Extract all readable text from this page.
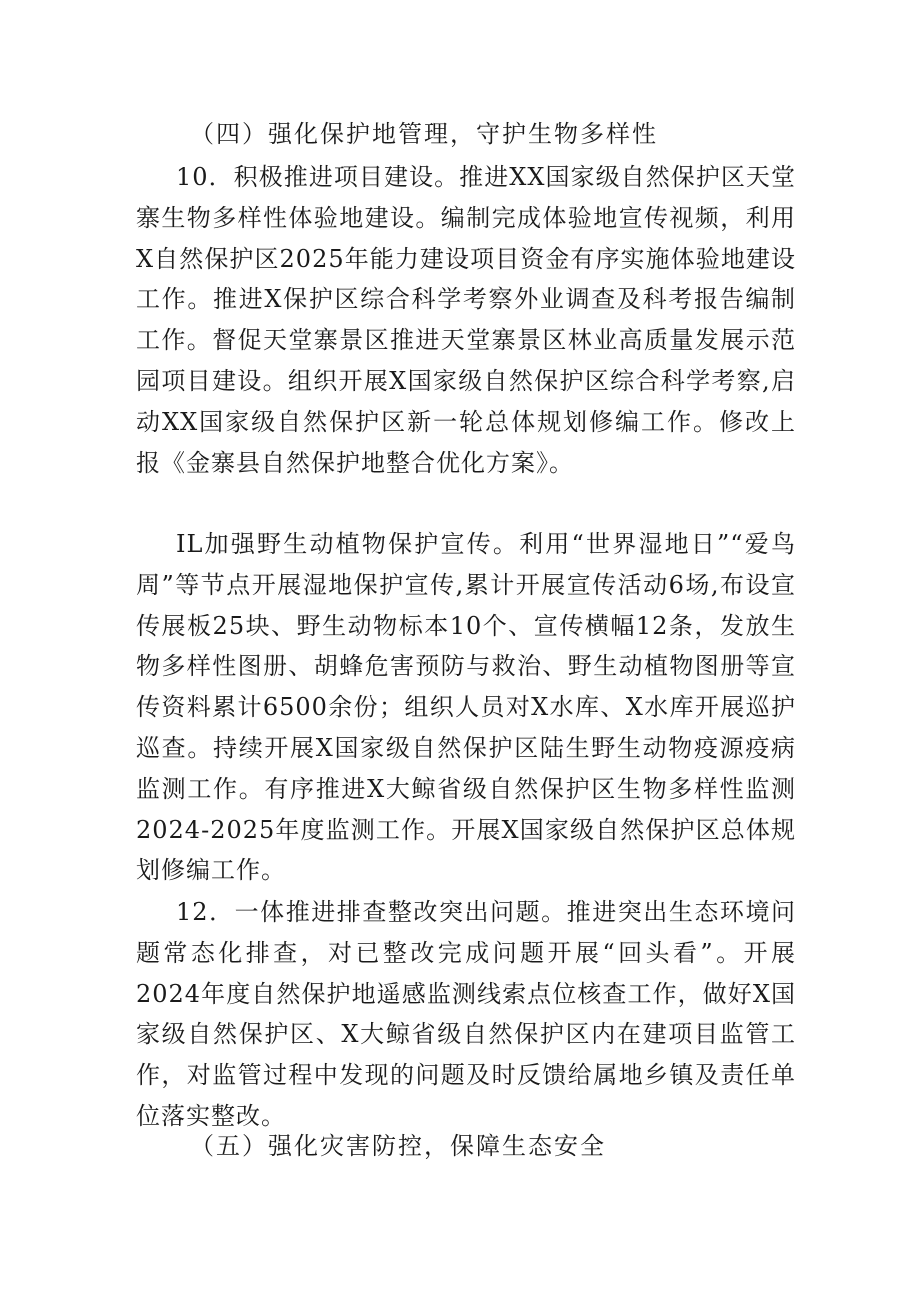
（四）强化保护地管理，守护生物多样性
10．积极推进项目建设。推进XX国家级自然保护区天堂寨生物多样性体验地建设。编制完成体验地宣传视频，利用X自然保护区2025年能力建设项目资金有序实施体验地建设工作。推进X保护区综合科学考察外业调查及科考报告编制工作。督促天堂寨景区推进天堂寨景区林业高质量发展示范园项目建设。组织开展X国家级自然保护区综合科学考察,启动XX国家级自然保护区新一轮总体规划修编工作。修改上报《金寨县自然保护地整合优化方案》。
IL加强野生动植物保护宣传。利用“世界湿地日”“爱鸟周”等节点开展湿地保护宣传,累计开展宣传活动6场,布设宣传展板25块、野生动物标本10个、宣传横幅12条，发放生物多样性图册、胡蜂危害预防与救治、野生动植物图册等宣传资料累计6500余份；组织人员对X水库、X水库开展巡护巡查。持续开展X国家级自然保护区陆生野生动物疫源疫病监测工作。有序推进X大鲸省级自然保护区生物多样性监测2024-2025年度监测工作。开展X国家级自然保护区总体规划修编工作。
12．一体推进排查整改突出问题。推进突出生态环境问题常态化排查，对已整改完成问题开展“回头看”。开展2024年度自然保护地遥感监测线索点位核查工作，做好X国家级自然保护区、X大鲸省级自然保护区内在建项目监管工作，对监管过程中发现的问题及时反馈给属地乡镇及责任单位落实整改。
（五）强化灾害防控，保障生态安全
